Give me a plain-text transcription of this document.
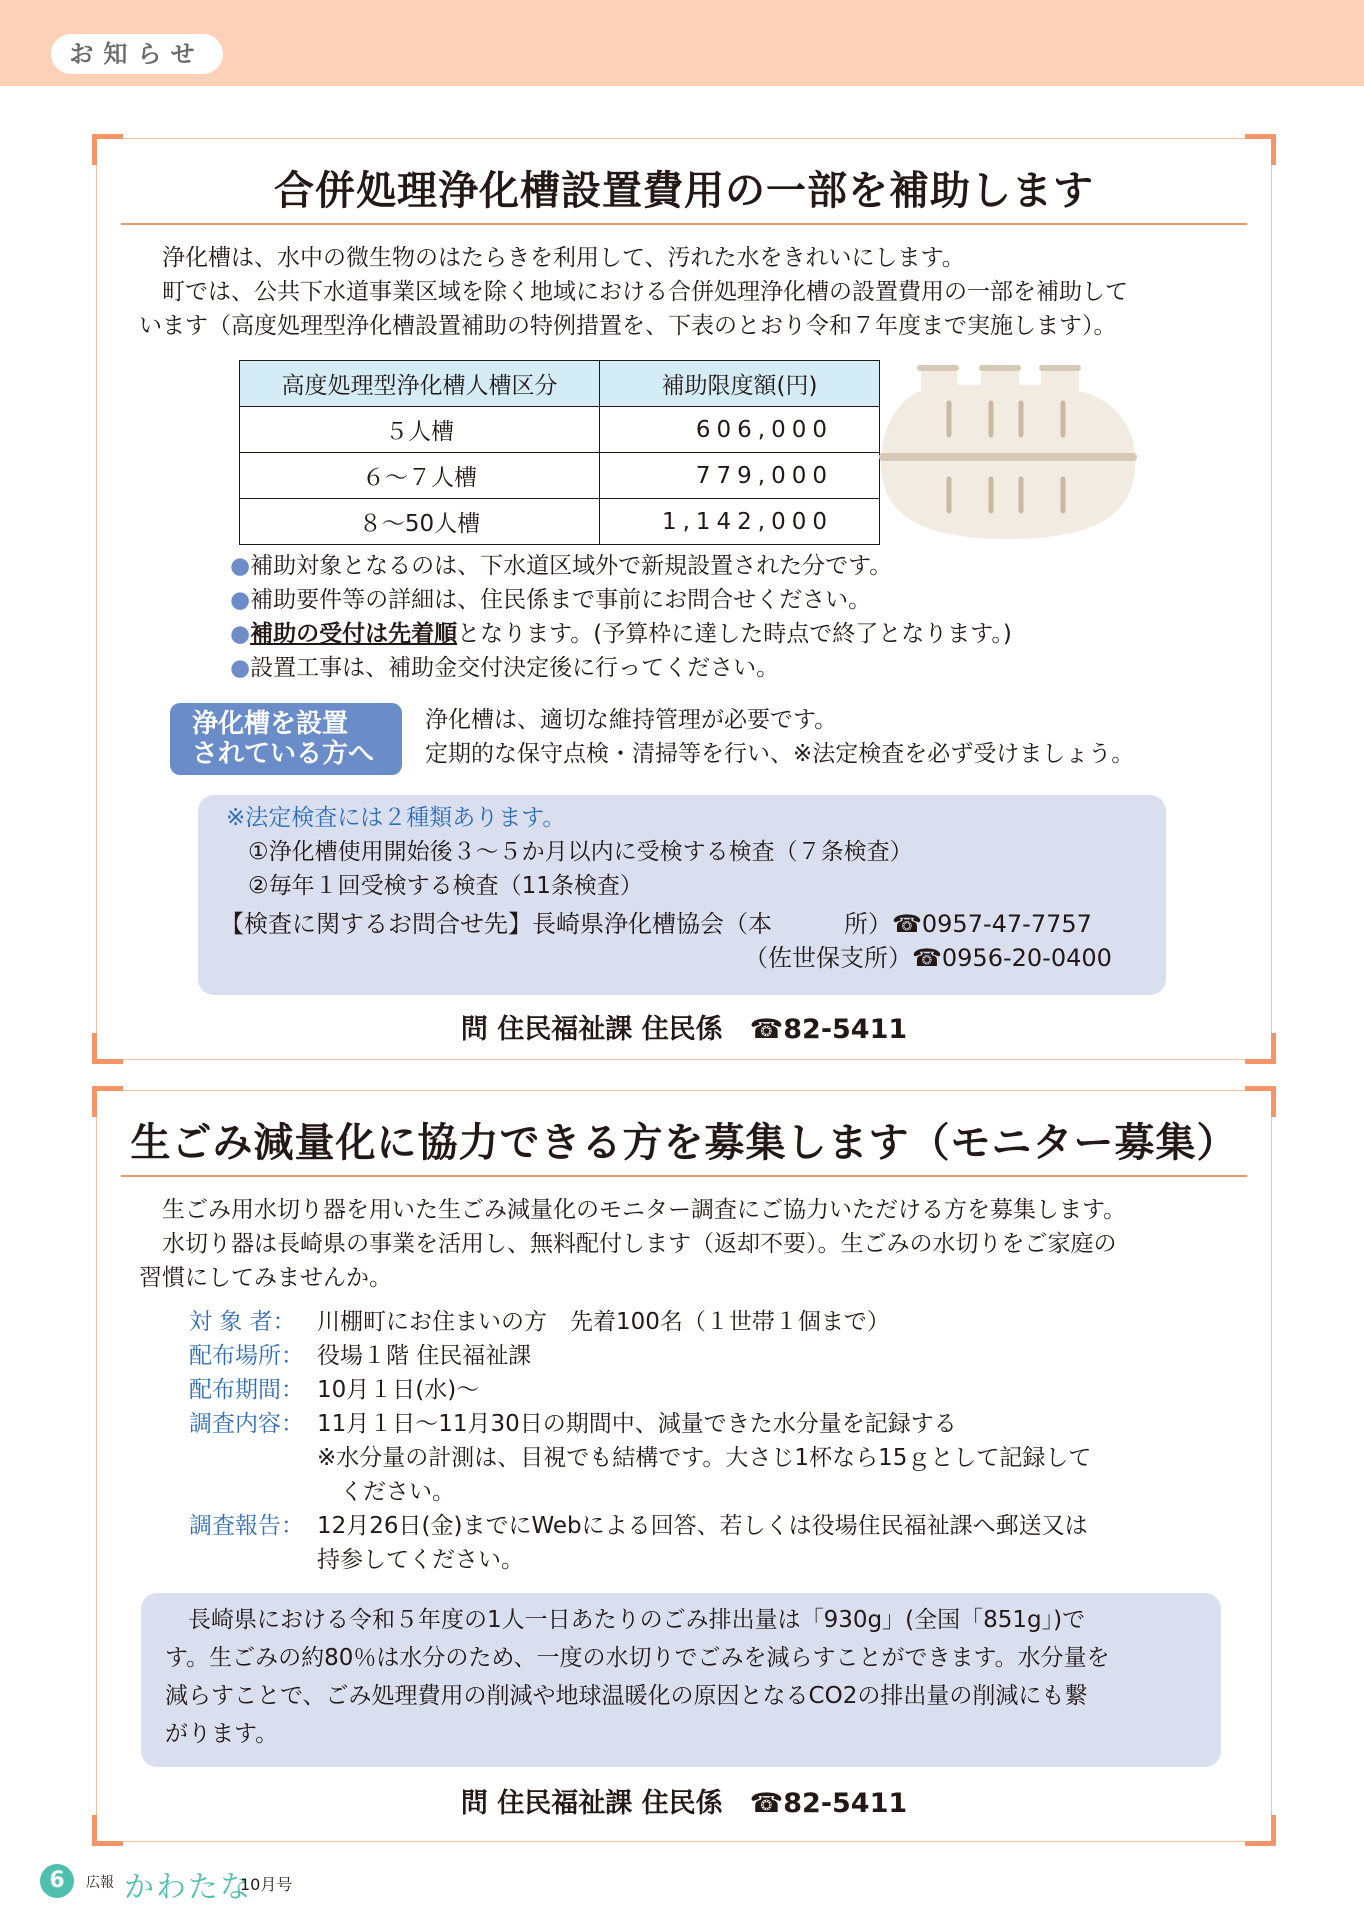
お知らせ
合併処理浄化槽設置費用の一部を補助します
　浄化槽は、水中の微生物のはたらきを利用して、汚れた水をきれいにします。
　町では、公共下水道事業区域を除く地域における合併処理浄化槽の設置費用の一部を補助して
います（高度処理型浄化槽設置補助の特例措置を、下表のとおり令和７年度まで実施します）。
高度処理型浄化槽人槽区分	補助限度額(円)
５人槽	606,000
６～７人槽	779,000
８～50人槽	1,142,000
●補助対象となるのは、下水道区域外で新規設置された分です。
●補助要件等の詳細は、住民係まで事前にお問合せください。
●補助の受付は先着順となります。(予算枠に達した時点で終了となります。)
●設置工事は、補助金交付決定後に行ってください。
浄化槽を設置
されている方へ
浄化槽は、適切な維持管理が必要です。
定期的な保守点検・清掃等を行い、※法定検査を必ず受けましょう。
※法定検査には２種類あります。
①浄化槽使用開始後３～５か月以内に受検する検査（７条検査）
②毎年１回受検する検査（11条検査）
【検査に関するお問合せ先】長崎県浄化槽協会（本　　　所）☎0957-47-7757
（佐世保支所）☎0956-20-0400
問 住民福祉課 住民係　☎82-5411
生ごみ減量化に協力できる方を募集します（モニター募集）
　生ごみ用水切り器を用いた生ごみ減量化のモニター調査にご協力いただける方を募集します。
　水切り器は長崎県の事業を活用し、無料配付します（返却不要）。生ごみの水切りをご家庭の
習慣にしてみませんか。
対 象 者： 川棚町にお住まいの方　先着100名（１世帯１個まで）
配布場所： 役場１階 住民福祉課
配布期間： 10月１日(水)～
調査内容： 11月１日～11月30日の期間中、減量できた水分量を記録する
※水分量の計測は、目視でも結構です。大さじ1杯なら15ｇとして記録して
　ください。
調査報告： 12月26日(金)までにWebによる回答、若しくは役場住民福祉課へ郵送又は
持参してください。
　長崎県における令和５年度の1人一日あたりのごみ排出量は「930g」(全国「851g」)で
す。生ごみの約80％は水分のため、一度の水切りでごみを減らすことができます。水分量を
減らすことで、ごみ処理費用の削減や地球温暖化の原因となるCO2の排出量の削減にも繋
がります。
問 住民福祉課 住民係　☎82-5411
6	広報 かわたな
10月号
